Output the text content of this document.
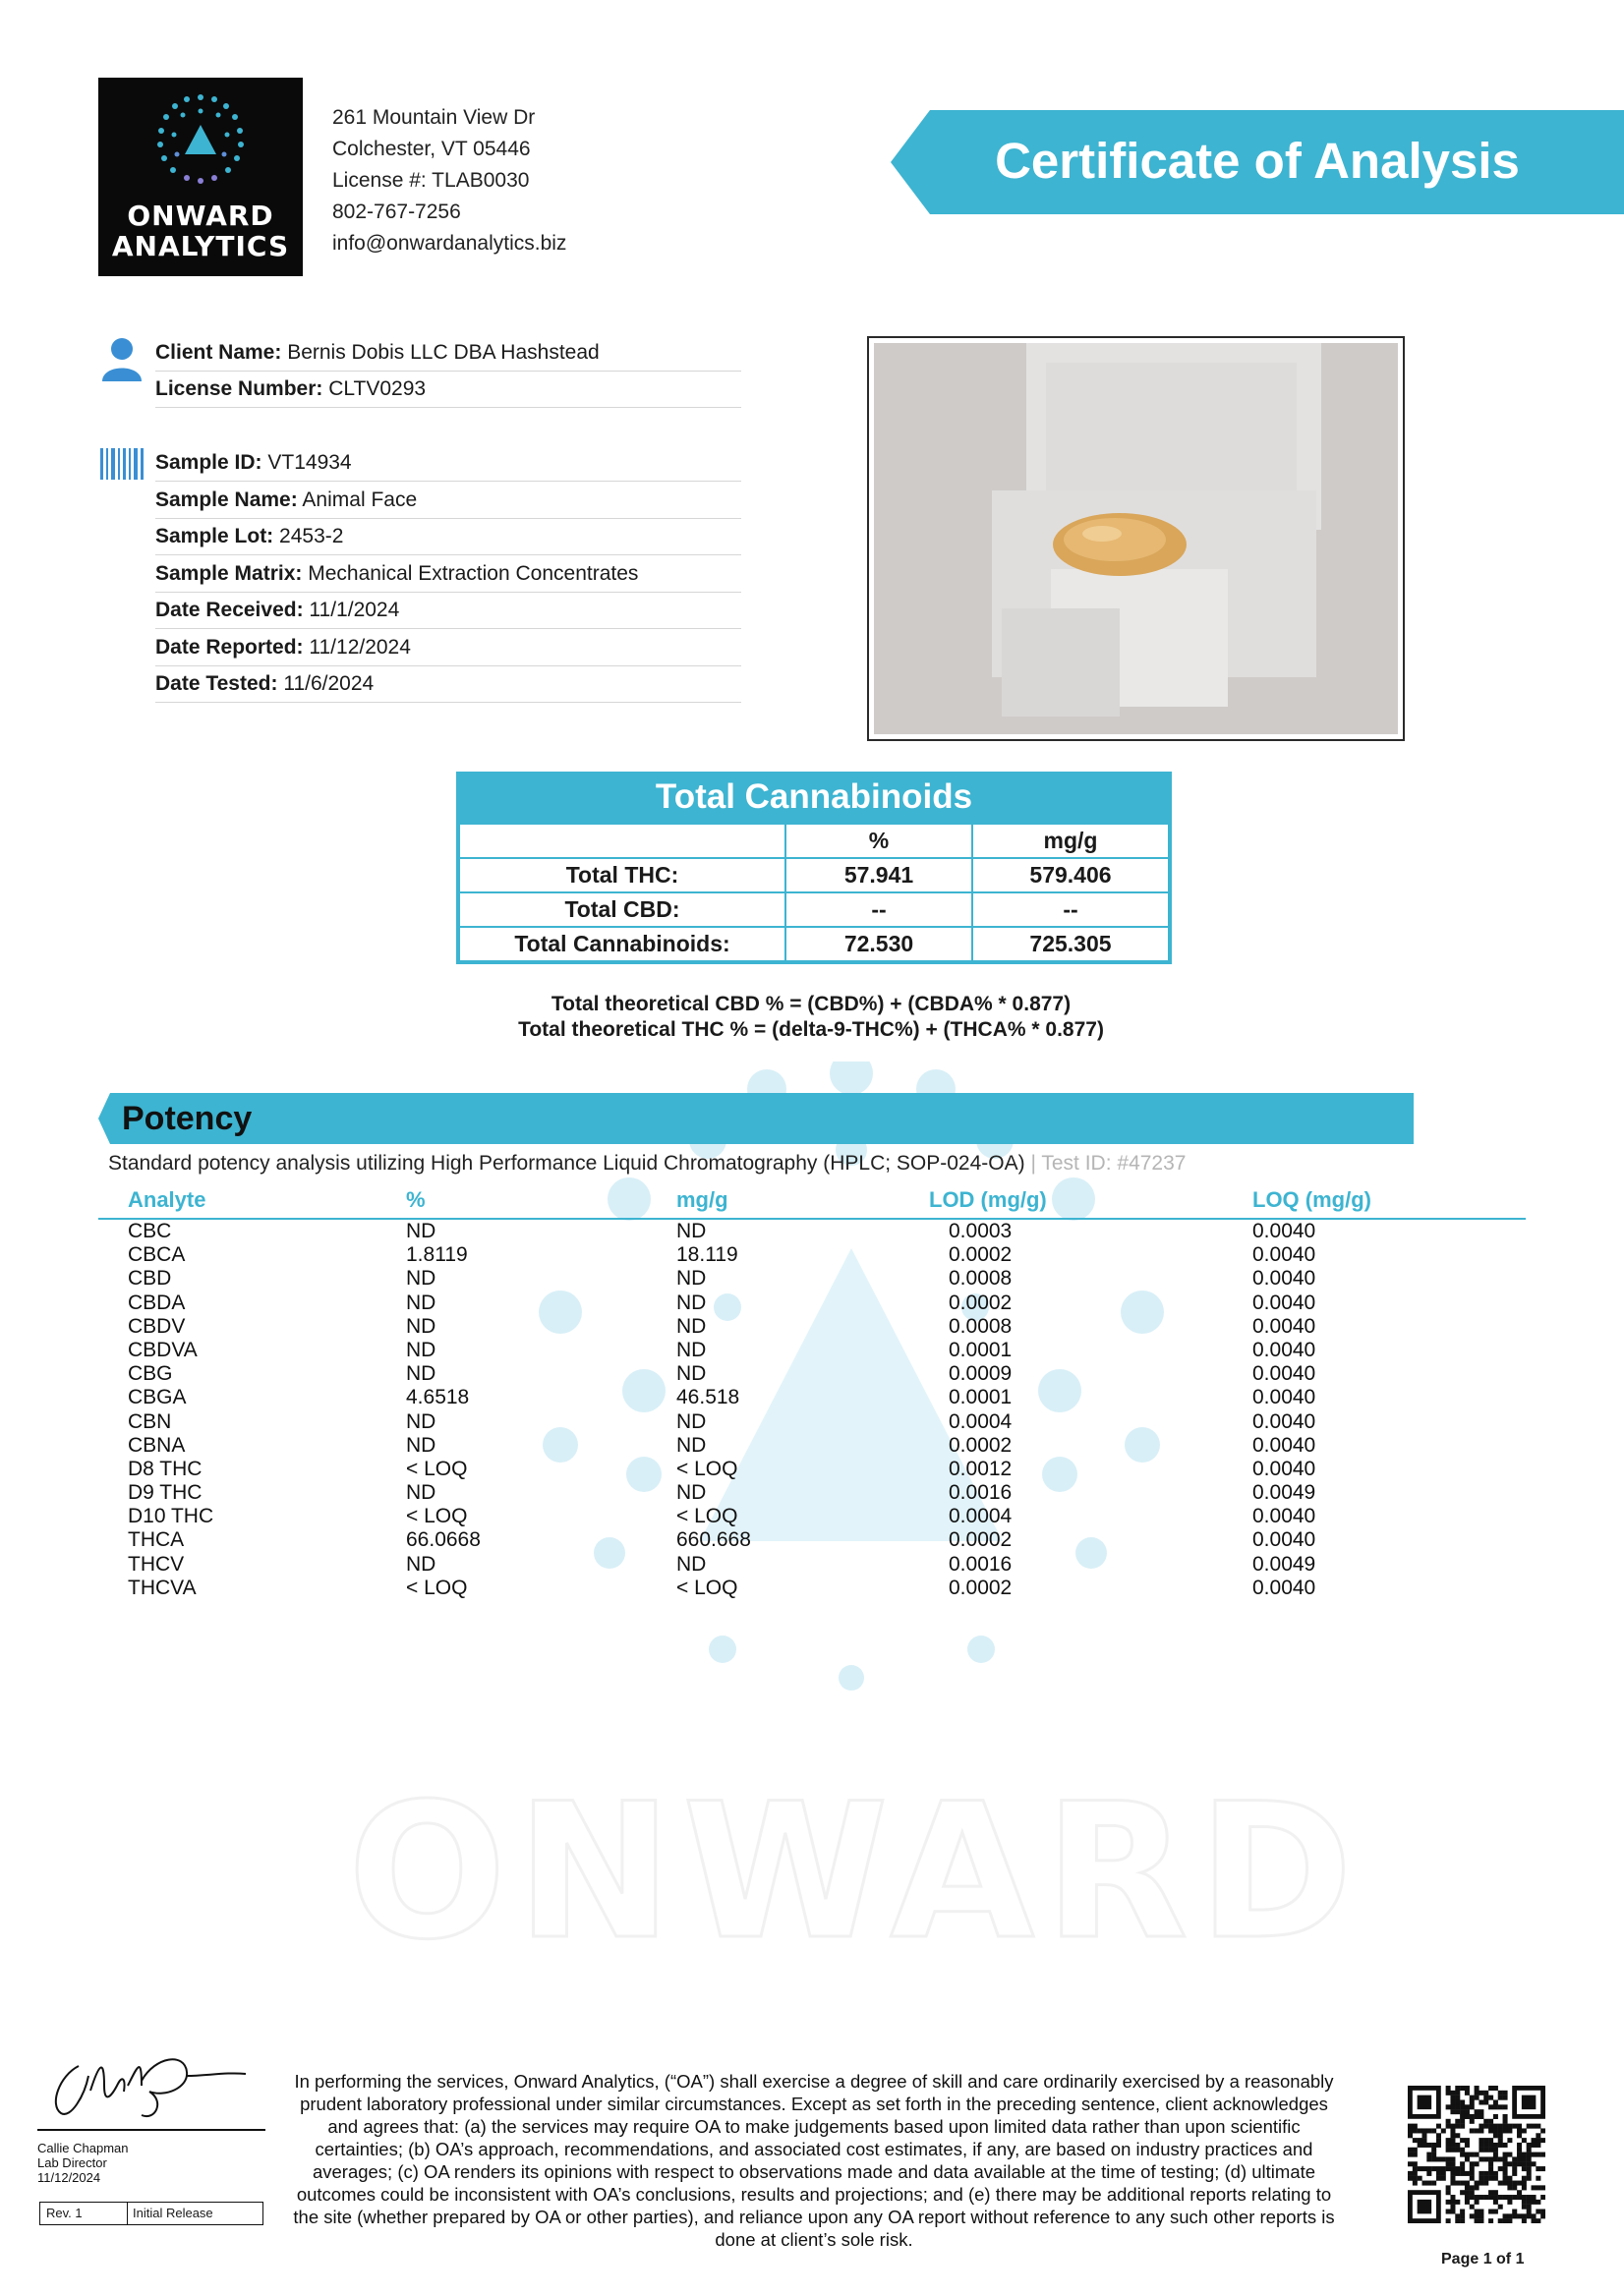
ONWARD
ONWARD
ANALYTICS
261 Mountain View Dr
Colchester, VT 05446
License #: TLAB0030
802-767-7256
info@onwardanalytics.biz
Certificate of Analysis
Client Name: Bernis Dobis LLC DBA Hashstead
License Number: CLTV0293
Sample ID: VT14934
Sample Name: Animal Face
Sample Lot: 2453-2
Sample Matrix: Mechanical Extraction Concentrates
Date Received: 11/1/2024
Date Reported: 11/12/2024
Date Tested: 11/6/2024
Total Cannabinoids
	%	mg/g
Total THC:	57.941	579.406
Total CBD:	--	--
Total Cannabinoids:	72.530	725.305
Total theoretical CBD % = (CBD%) + (CBDA% * 0.877)
Total theoretical THC % = (delta-9-THC%) + (THCA% * 0.877)
Potency
Standard potency analysis utilizing High Performance Liquid Chromatography (HPLC; SOP-024-OA) | Test ID: #47237
Analyte	%	mg/g	LOD (mg/g)	LOQ (mg/g)
CBC	ND	ND	0.0003	0.0040
CBCA	1.8119	18.119	0.0002	0.0040
CBD	ND	ND	0.0008	0.0040
CBDA	ND	ND	0.0002	0.0040
CBDV	ND	ND	0.0008	0.0040
CBDVA	ND	ND	0.0001	0.0040
CBG	ND	ND	0.0009	0.0040
CBGA	4.6518	46.518	0.0001	0.0040
CBN	ND	ND	0.0004	0.0040
CBNA	ND	ND	0.0002	0.0040
D8 THC	< LOQ	< LOQ	0.0012	0.0040
D9 THC	ND	ND	0.0016	0.0049
D10 THC	< LOQ	< LOQ	0.0004	0.0040
THCA	66.0668	660.668	0.0002	0.0040
THCV	ND	ND	0.0016	0.0049
THCVA	< LOQ	< LOQ	0.0002	0.0040
Callie Chapman
Lab Director
11/12/2024
Rev. 1	Initial Release
In performing the services, Onward Analytics, (“OA”) shall exercise a degree of skill and care ordinarily exercised by a reasonably prudent laboratory professional under similar circumstances. Except as set forth in the preceding sentence, client acknowledges and agrees that: (a) the services may require OA to make judgements based upon limited data rather than upon scientific certainties; (b) OA’s approach, recommendations, and associated cost estimates, if any, are based on industry practices and averages; (c) OA renders its opinions with respect to observations made and data available at the time of testing; (d) ultimate outcomes could be inconsistent with OA’s conclusions, results and projections; and (e) there may be additional reports relating to the site (whether prepared by OA or other parties), and reliance upon any OA report without reference to any such other reports is done at client’s sole risk.
Page 1 of 1
